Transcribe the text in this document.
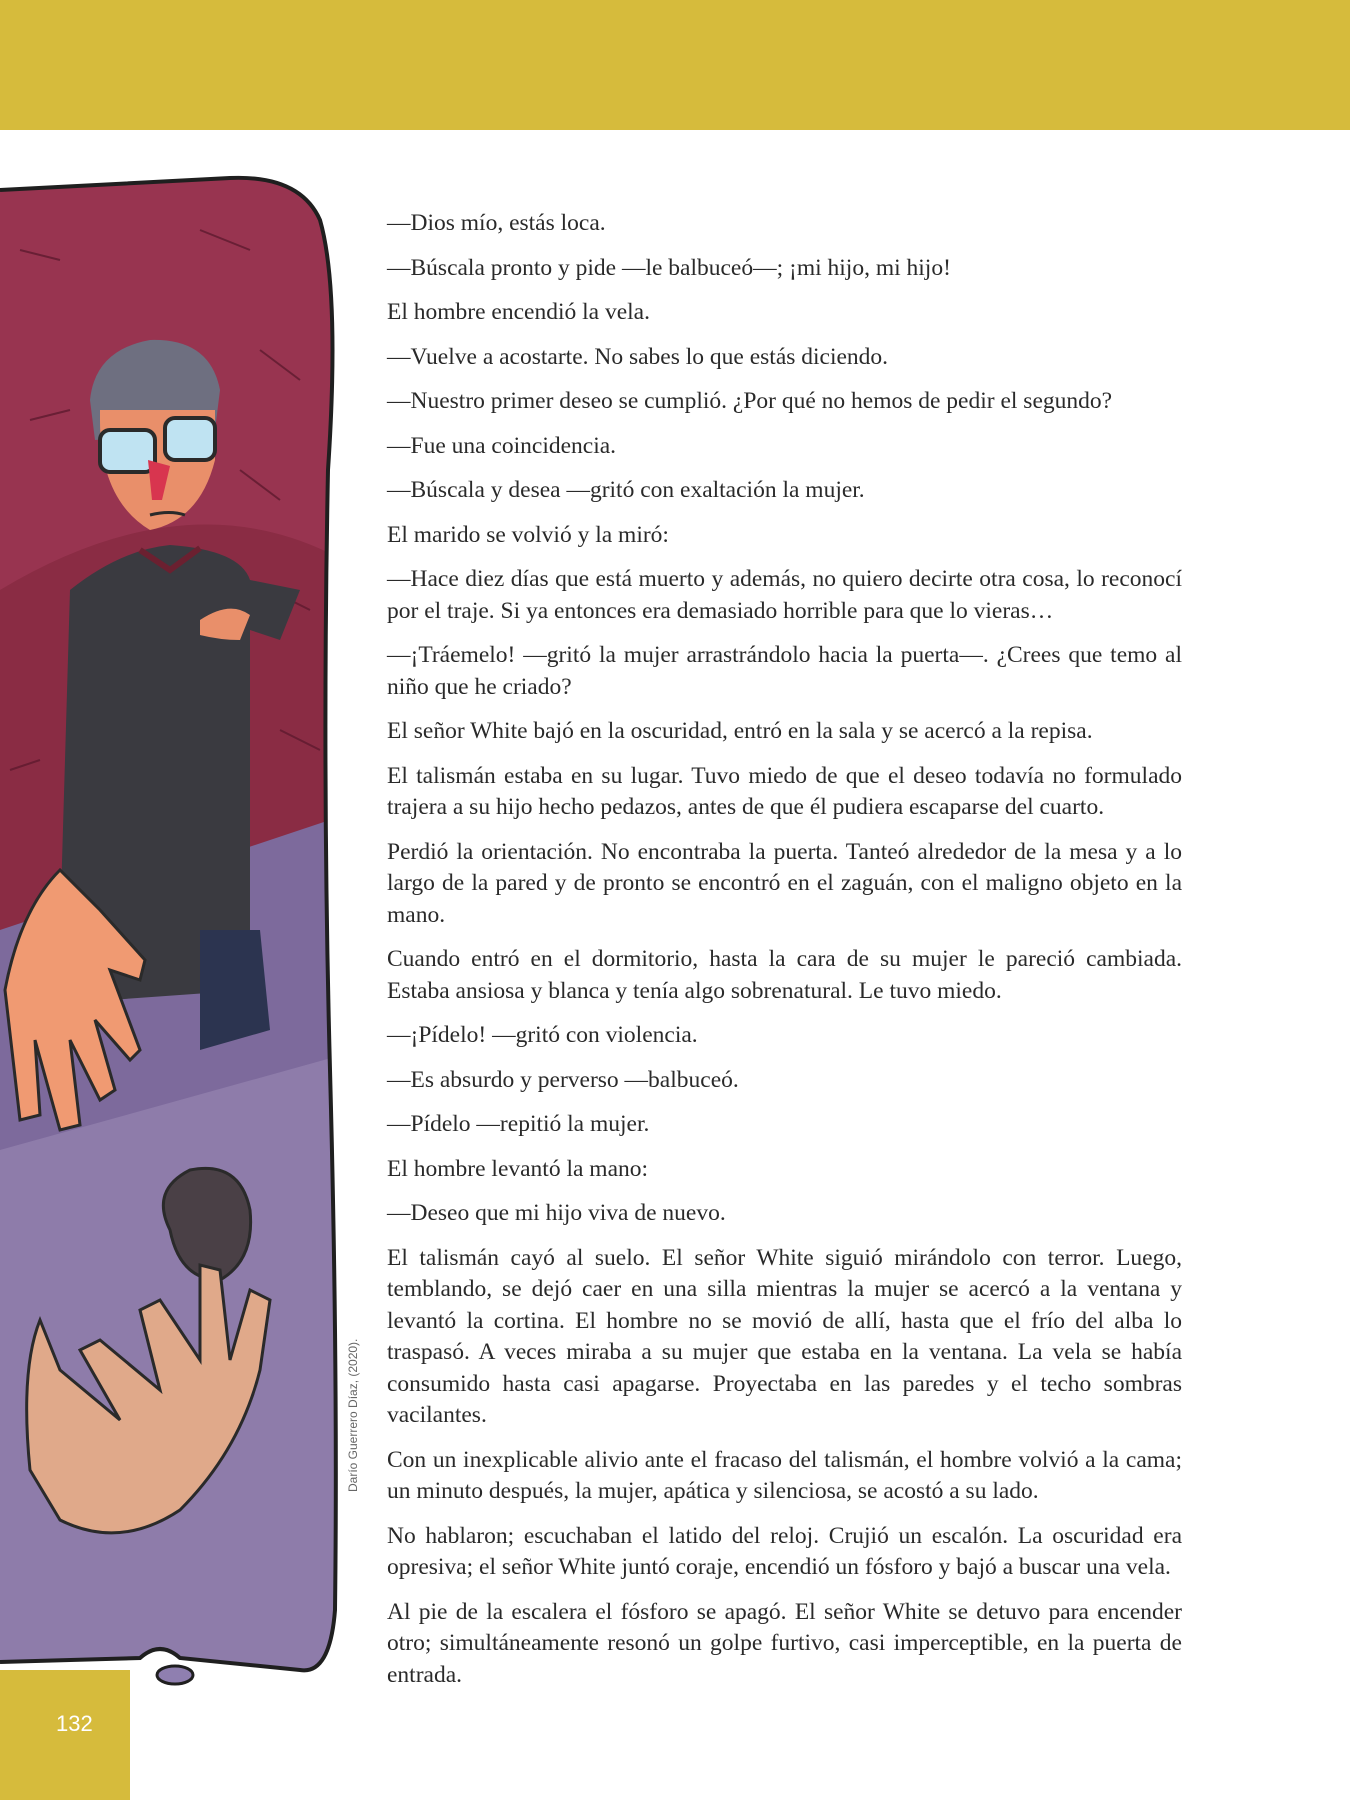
Darío Guerrero Díaz, (2020).

—Dios mío, estás loca.

—Búscala pronto y pide —le balbuceó—; ¡mi hijo, mi hijo!

El hombre encendió la vela.

—Vuelve a acostarte. No sabes lo que estás diciendo.

—Nuestro primer deseo se cumplió. ¿Por qué no hemos de pedir el segundo?

—Fue una coincidencia.

—Búscala y desea —gritó con exaltación la mujer.

El marido se volvió y la miró:

—Hace diez días que está muerto y además, no quiero decirte otra cosa, lo reconocí por el traje. Si ya entonces era demasiado horrible para que lo vieras…

—¡Tráemelo! —gritó la mujer arrastrándolo hacia la puerta—. ¿Crees que temo al niño que he criado?

El señor White bajó en la oscuridad, entró en la sala y se acercó a la repisa.

El talismán estaba en su lugar. Tuvo miedo de que el deseo todavía no formulado trajera a su hijo hecho pedazos, antes de que él pudiera escaparse del cuarto.

Perdió la orientación. No encontraba la puerta. Tanteó alrededor de la mesa y a lo largo de la pared y de pronto se encontró en el zaguán, con el maligno objeto en la mano.

Cuando entró en el dormitorio, hasta la cara de su mujer le pareció cambiada. Estaba ansiosa y blanca y tenía algo sobrenatural. Le tuvo miedo.

—¡Pídelo! —gritó con violencia.

—Es absurdo y perverso —balbuceó.

—Pídelo —repitió la mujer.

El hombre levantó la mano:

—Deseo que mi hijo viva de nuevo.

El talismán cayó al suelo. El señor White siguió mirándolo con terror. Luego, temblando, se dejó caer en una silla mientras la mujer se acercó a la ventana y levantó la cortina. El hombre no se movió de allí, hasta que el frío del alba lo traspasó. A veces miraba a su mujer que estaba en la ventana. La vela se había consumido hasta casi apagarse. Proyectaba en las paredes y el techo sombras vacilantes.

Con un inexplicable alivio ante el fracaso del talismán, el hombre volvió a la cama; un minuto después, la mujer, apática y silenciosa, se acostó a su lado.

No hablaron; escuchaban el latido del reloj. Crujió un escalón. La oscuridad era opresiva; el señor White juntó coraje, encendió un fósforo y bajó a buscar una vela.

Al pie de la escalera el fósforo se apagó. El señor White se detuvo para encender otro; simultáneamente resonó un golpe furtivo, casi imperceptible, en la puerta de entrada.

132
